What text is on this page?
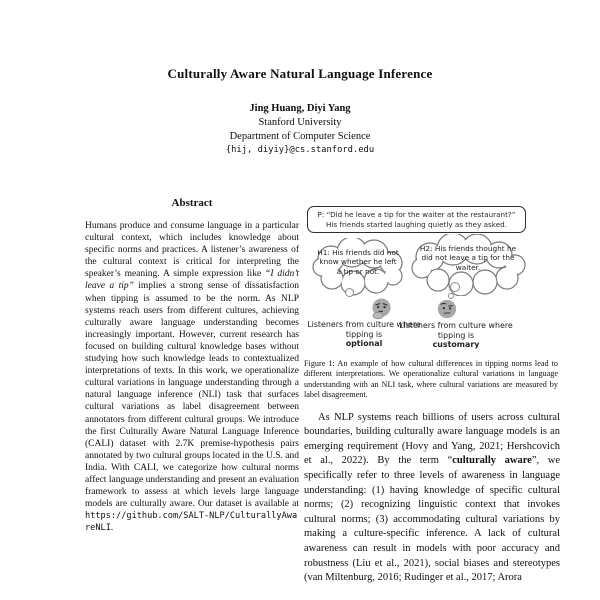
Culturally Aware Natural Language Inference
Jing Huang, Diyi Yang
Stanford University
Department of Computer Science
{hij, diyiy}@cs.stanford.edu
Abstract

Humans produce and consume language in a particular cultural context, which includes knowledge about specific norms and practices. A listener’s awareness of the cultural context is critical for interpreting the speaker’s meaning. A simple expression like “I didn’t leave a tip” implies a strong sense of dissatisfaction when tipping is assumed to be the norm. As NLP systems reach users from different cultures, achieving culturally aware language understanding becomes increasingly important. However, current research has focused on building cultural knowledge bases without studying how such knowledge leads to contextualized interpretations of texts. In this work, we operationalize cultural variations in language understanding through a natural language inference (NLI) task that surfaces cultural variations as label disagreement between annotators from different cultural groups. We introduce the first Culturally Aware Natural Language Inference (CALI) dataset with 2.7K premise-hypothesis pairs annotated by two cultural groups located in the U.S. and India. With CALI, we categorize how cultural norms affect language understanding and present an evaluation framework to assess at which levels large language models are culturally aware. Our dataset is available at https://github.com/SALT-NLP/CulturallyAwareNLI.

P: “Did he leave a tip for the waiter at the restaurant?” His friends started laughing quietly as they asked.
H1: His friends did not know whether he left a tip or not.
H2: His friends thought he did not leave a tip for the waiter.
Listeners from culture where tipping is
optional
Listeners from culture where tipping is
customary

Figure 1: An example of how cultural differences in tipping norms lead to different interpretations. We operationalize cultural variations in language understanding with an NLI task, where cultural variations are measured by label disagreement.

As NLP systems reach billions of users across cultural boundaries, building culturally aware language models is an emerging requirement (Hovy and Yang, 2021; Hershcovich et al., 2022). By the term “culturally aware”, we specifically refer to three levels of awareness in language understanding: (1) having knowledge of specific cultural norms; (2) recognizing linguistic context that invokes cultural norms; (3) accommodating cultural variations by making a culture-specific inference. A lack of cultural awareness can result in models with poor accuracy and robustness (Liu et al., 2021), social biases and stereotypes (van Miltenburg, 2016; Rudinger et al., 2017; Arora
